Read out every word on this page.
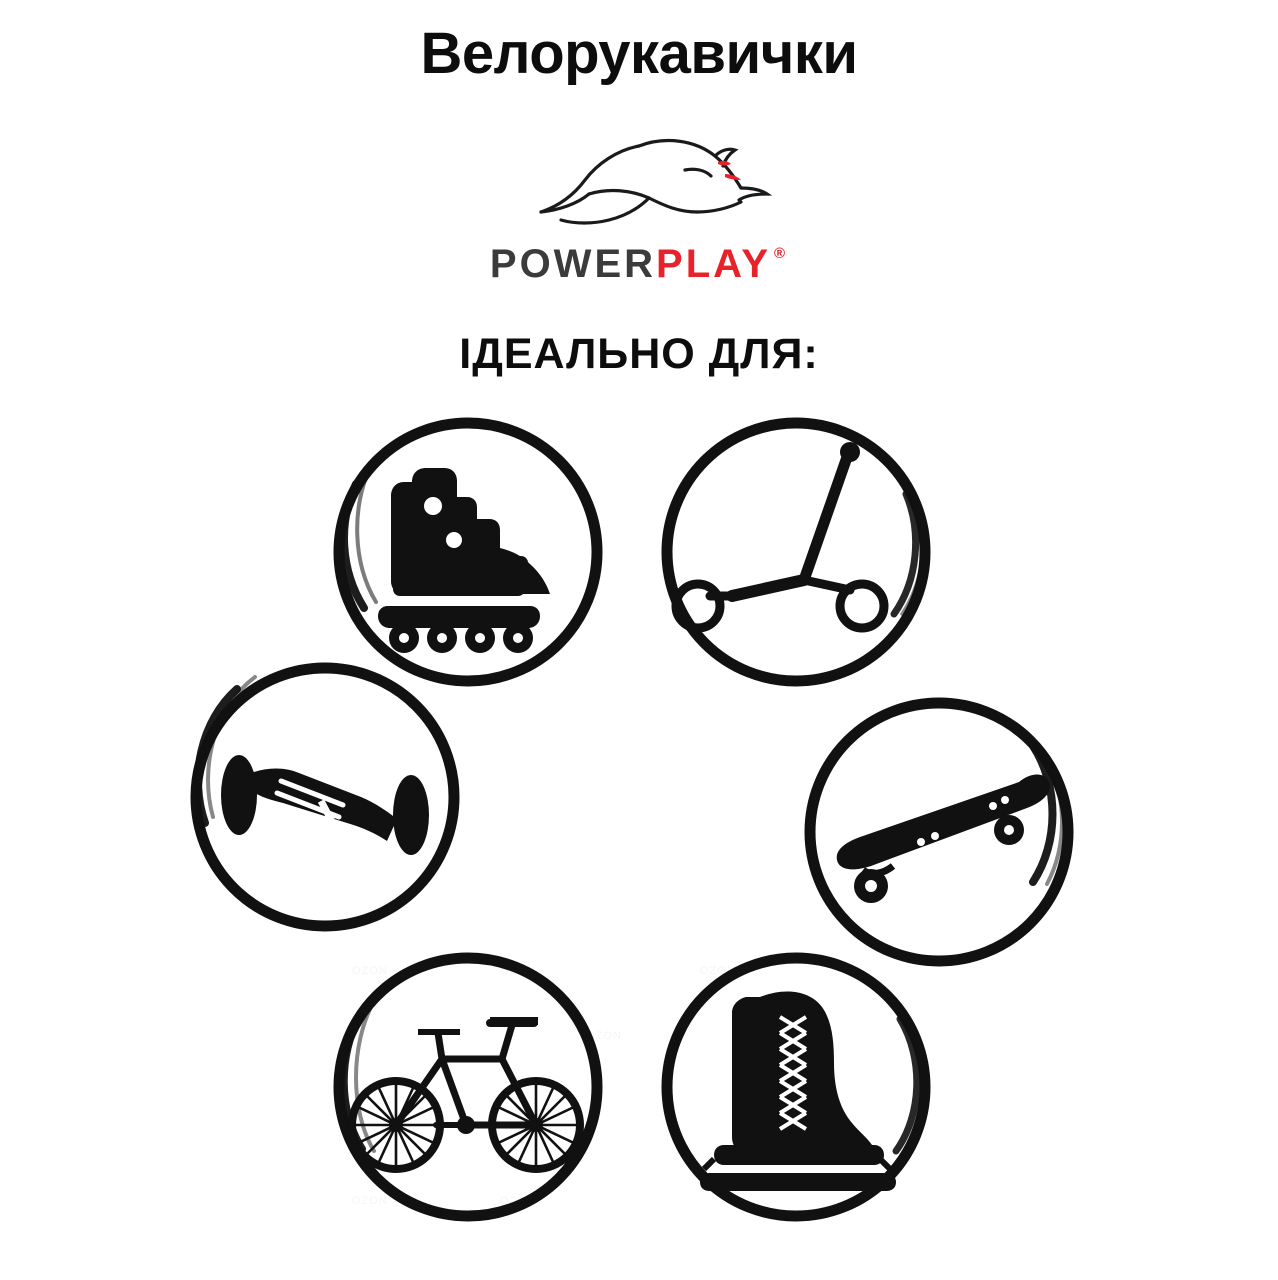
Велорукавички
POWER PLAY ®
ІДЕАЛЬНО ДЛЯ:
